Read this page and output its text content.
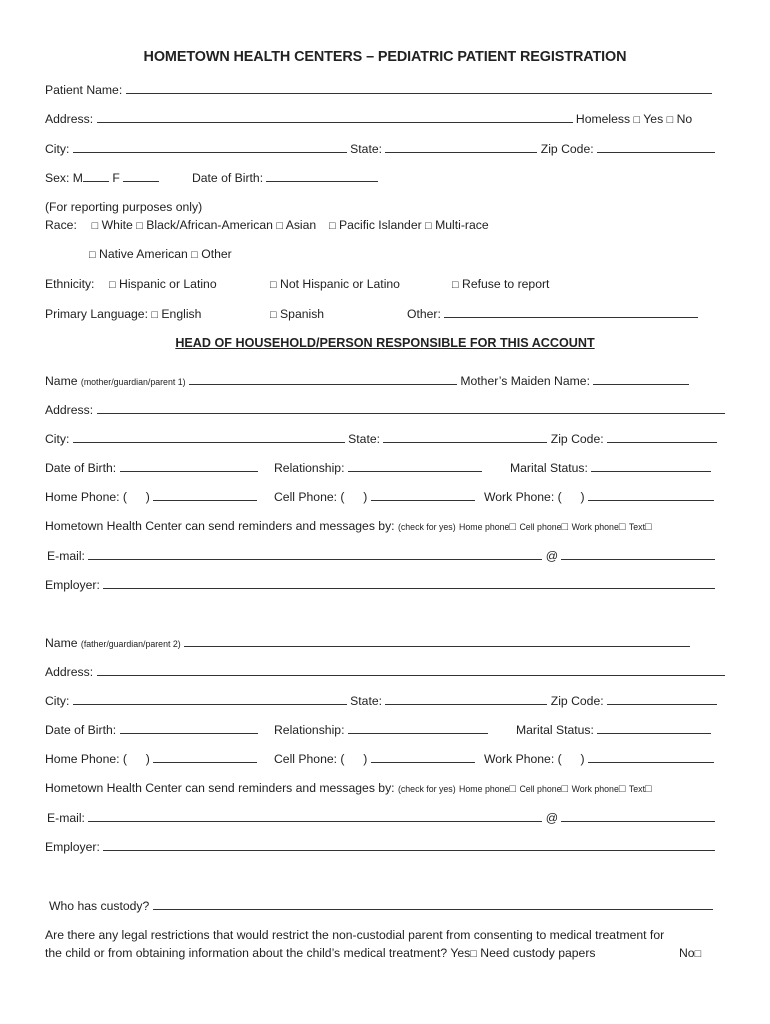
HOMETOWN HEALTH CENTERS – PEDIATRIC PATIENT REGISTRATION
Patient Name:
Address:	Homeless □ Yes □ No
City:	State:	Zip Code:
Sex: M F	Date of Birth:
(For reporting purposes only)
Race: □ White □ Black/African-American □ Asian □ Pacific Islander □ Multi-race
□ Native American □ Other
Ethnicity: □ Hispanic or Latino	□ Not Hispanic or Latino	□ Refuse to report
Primary Language: □ English	□ Spanish	Other:
HEAD OF HOUSEHOLD/PERSON RESPONSIBLE FOR THIS ACCOUNT
Name (mother/guardian/parent 1)	Mother’s Maiden Name:
Address:
City:	State:	Zip Code:
Date of Birth:	Relationship:	Marital Status:
Home Phone: ( )	Cell Phone: ( )	Work Phone: ( )
Hometown Health Center can send reminders and messages by: (check for yes) Home phone□ Cell phone□ Work phone□ Text□
E-mail:	@
Employer:
Name (father/guardian/parent 2)
Address:
City:	State:	Zip Code:
Date of Birth:	Relationship:	Marital Status:
Home Phone: ( )	Cell Phone: ( )	Work Phone: ( )
Hometown Health Center can send reminders and messages by: (check for yes) Home phone□ Cell phone□ Work phone□ Text□
E-mail:	@
Employer:
Who has custody?
Are there any legal restrictions that would restrict the non-custodial parent from consenting to medical treatment for
the child or from obtaining information about the child’s medical treatment? Yes□ Need custody papers	No□
